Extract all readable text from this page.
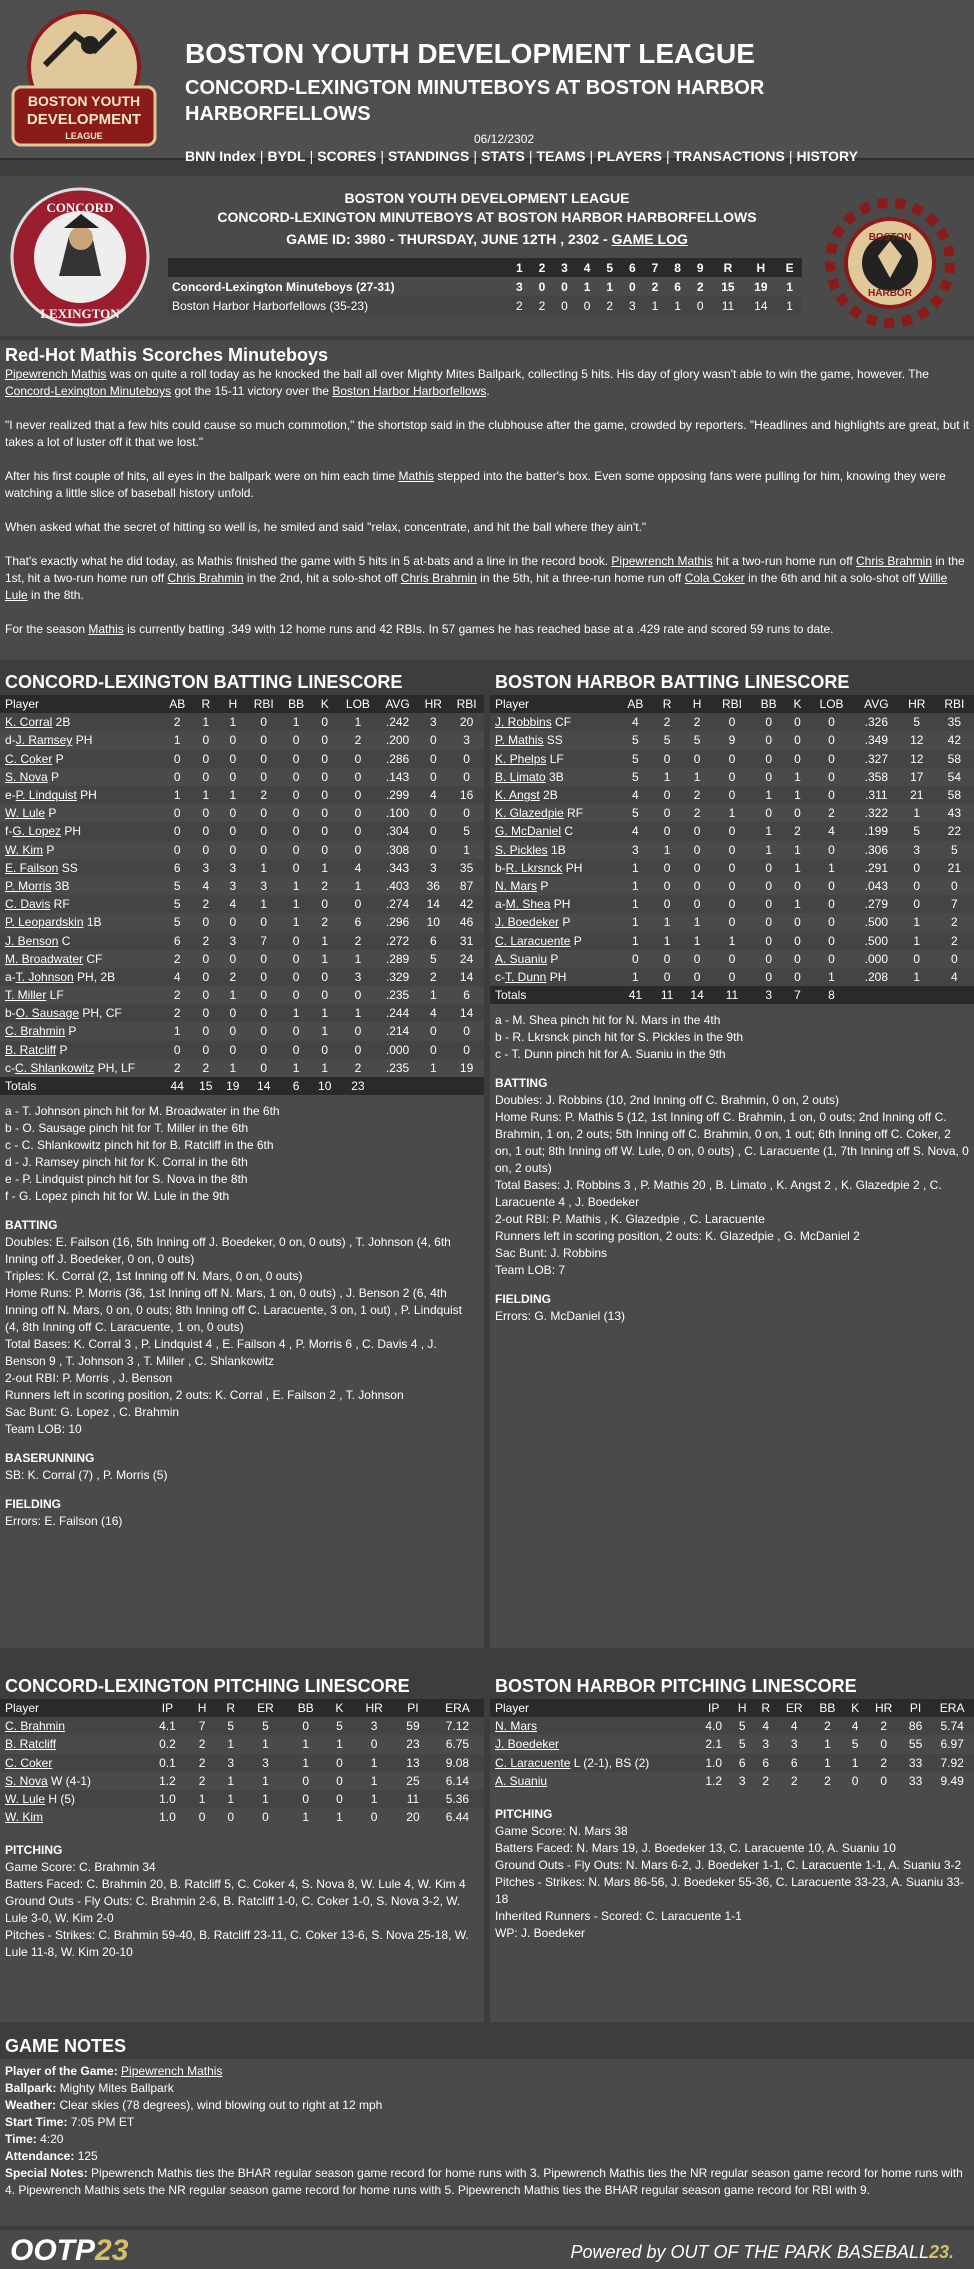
BOSTON YOUTH
DEVELOPMENT
LEAGUE
BOSTON YOUTH DEVELOPMENT LEAGUE
CONCORD-LEXINGTON MINUTEBOYS AT BOSTON HARBOR HARBORFELLOWS
06/12/2302
BNN Index | BYDL | SCORES | STANDINGS | STATS | TEAMS | PLAYERS | TRANSACTIONS | HISTORY
CONCORD
LEXINGTON
BOSTON YOUTH DEVELOPMENT LEAGUE
CONCORD-LEXINGTON MINUTEBOYS AT BOSTON HARBOR HARBORFELLOWS
GAME ID: 3980 - THURSDAY, JUNE 12TH , 2302 - GAME LOG
	1	2	3	4	5	6	7	8	9	R	H	E
Concord-Lexington Minuteboys (27-31)	3	0	0	1	1	0	2	6	2	15	19	1
Boston Harbor Harborfellows (35-23)	2	2	0	0	2	3	1	1	0	11	14	1
BOSTON
HARBOR
Red-Hot Mathis Scorches Minuteboys

Pipewrench Mathis was on quite a roll today as he knocked the ball all over Mighty Mites Ballpark, collecting 5 hits. His day of glory wasn't able to win the game, however. The Concord-Lexington Minuteboys got the 15-11 victory over the Boston Harbor Harborfellows.

"I never realized that a few hits could cause so much commotion," the shortstop said in the clubhouse after the game, crowded by reporters. "Headlines and highlights are great, but it takes a lot of luster off it that we lost."

After his first couple of hits, all eyes in the ballpark were on him each time Mathis stepped into the batter's box. Even some opposing fans were pulling for him, knowing they were watching a little slice of baseball history unfold.

When asked what the secret of hitting so well is, he smiled and said "relax, concentrate, and hit the ball where they ain't."

That's exactly what he did today, as Mathis finished the game with 5 hits in 5 at-bats and a line in the record book. Pipewrench Mathis hit a two-run home run off Chris Brahmin in the 1st, hit a two-run home run off Chris Brahmin in the 2nd, hit a solo-shot off Chris Brahmin in the 5th, hit a three-run home run off Cola Coker in the 6th and hit a solo-shot off Willie Lule in the 8th.

For the season Mathis is currently batting .349 with 12 home runs and 42 RBIs. In 57 games he has reached base at a .429 rate and scored 59 runs to date.

CONCORD-LEXINGTON BATTING LINESCORE
Player	AB	R	H	RBI	BB	K	LOB	AVG	HR	RBI
K. Corral 2B	2	1	1	0	1	0	1	.242	3	20
d-J. Ramsey PH	1	0	0	0	0	0	2	.200	0	3
C. Coker P	0	0	0	0	0	0	0	.286	0	0
S. Nova P	0	0	0	0	0	0	0	.143	0	0
e-P. Lindquist PH	1	1	1	2	0	0	0	.299	4	16
W. Lule P	0	0	0	0	0	0	0	.100	0	0
f-G. Lopez PH	0	0	0	0	0	0	0	.304	0	5
W. Kim P	0	0	0	0	0	0	0	.308	0	1
E. Failson SS	6	3	3	1	0	1	4	.343	3	35
P. Morris 3B	5	4	3	3	1	2	1	.403	36	87
C. Davis RF	5	2	4	1	1	0	0	.274	14	42
P. Leopardskin 1B	5	0	0	0	1	2	6	.296	10	46
J. Benson C	6	2	3	7	0	1	2	.272	6	31
M. Broadwater CF	2	0	0	0	0	1	1	.289	5	24
a-T. Johnson PH, 2B	4	0	2	0	0	0	3	.329	2	14
T. Miller LF	2	0	1	0	0	0	0	.235	1	6
b-O. Sausage PH, CF	2	0	0	0	1	1	1	.244	4	14
C. Brahmin P	1	0	0	0	0	1	0	.214	0	0
B. Ratcliff P	0	0	0	0	0	0	0	.000	0	0
c-C. Shlankowitz PH, LF	2	2	1	0	1	1	2	.235	1	19
Totals	44	15	19	14	6	10	23			
a - T. Johnson pinch hit for M. Broadwater in the 6th
b - O. Sausage pinch hit for T. Miller in the 6th
c - C. Shlankowitz pinch hit for B. Ratcliff in the 6th
d - J. Ramsey pinch hit for K. Corral in the 6th
e - P. Lindquist pinch hit for S. Nova in the 8th
f - G. Lopez pinch hit for W. Lule in the 9th
BATTING
Doubles: E. Failson (16, 5th Inning off J. Boedeker, 0 on, 0 outs) , T. Johnson (4, 6th Inning off J. Boedeker, 0 on, 0 outs)
Triples: K. Corral (2, 1st Inning off N. Mars, 0 on, 0 outs)
Home Runs: P. Morris (36, 1st Inning off N. Mars, 1 on, 0 outs) , J. Benson 2 (6, 4th Inning off N. Mars, 0 on, 0 outs; 8th Inning off C. Laracuente, 3 on, 1 out) , P. Lindquist (4, 8th Inning off C. Laracuente, 1 on, 0 outs)
Total Bases: K. Corral 3 , P. Lindquist 4 , E. Failson 4 , P. Morris 6 , C. Davis 4 , J. Benson 9 , T. Johnson 3 , T. Miller , C. Shlankowitz
2-out RBI: P. Morris , J. Benson
Runners left in scoring position, 2 outs: K. Corral , E. Failson 2 , T. Johnson
Sac Bunt: G. Lopez , C. Brahmin
Team LOB: 10
BASERUNNING
SB: K. Corral (7) , P. Morris (5)
FIELDING
Errors: E. Failson (16)
BOSTON HARBOR BATTING LINESCORE
Player	AB	R	H	RBI	BB	K	LOB	AVG	HR	RBI
J. Robbins CF	4	2	2	0	0	0	0	.326	5	35
P. Mathis SS	5	5	5	9	0	0	0	.349	12	42
K. Phelps LF	5	0	0	0	0	0	0	.327	12	58
B. Limato 3B	5	1	1	0	0	1	0	.358	17	54
K. Angst 2B	4	0	2	0	1	1	0	.311	21	58
K. Glazedpie RF	5	0	2	1	0	0	2	.322	1	43
G. McDaniel C	4	0	0	0	1	2	4	.199	5	22
S. Pickles 1B	3	1	0	0	1	1	0	.306	3	5
b-R. Lkrsnck PH	1	0	0	0	0	1	1	.291	0	21
N. Mars P	1	0	0	0	0	0	0	.043	0	0
a-M. Shea PH	1	0	0	0	0	1	0	.279	0	7
J. Boedeker P	1	1	1	0	0	0	0	.500	1	2
C. Laracuente P	1	1	1	1	0	0	0	.500	1	2
A. Suaniu P	0	0	0	0	0	0	0	.000	0	0
c-T. Dunn PH	1	0	0	0	0	0	1	.208	1	4
Totals	41	11	14	11	3	7	8			
a - M. Shea pinch hit for N. Mars in the 4th
b - R. Lkrsnck pinch hit for S. Pickles in the 9th
c - T. Dunn pinch hit for A. Suaniu in the 9th
BATTING
Doubles: J. Robbins (10, 2nd Inning off C. Brahmin, 0 on, 2 outs)
Home Runs: P. Mathis 5 (12, 1st Inning off C. Brahmin, 1 on, 0 outs; 2nd Inning off C. Brahmin, 1 on, 2 outs; 5th Inning off C. Brahmin, 0 on, 1 out; 6th Inning off C. Coker, 2 on, 1 out; 8th Inning off W. Lule, 0 on, 0 outs) , C. Laracuente (1, 7th Inning off S. Nova, 0 on, 2 outs)
Total Bases: J. Robbins 3 , P. Mathis 20 , B. Limato , K. Angst 2 , K. Glazedpie 2 , C. Laracuente 4 , J. Boedeker
2-out RBI: P. Mathis , K. Glazedpie , C. Laracuente
Runners left in scoring position, 2 outs: K. Glazedpie , G. McDaniel 2
Sac Bunt: J. Robbins
Team LOB: 7
FIELDING
Errors: G. McDaniel (13)
CONCORD-LEXINGTON PITCHING LINESCORE
Player	IP	H	R	ER	BB	K	HR	PI	ERA
C. Brahmin	4.1	7	5	5	0	5	3	59	7.12
B. Ratcliff	0.2	2	1	1	1	1	0	23	6.75
C. Coker	0.1	2	3	3	1	0	1	13	9.08
S. Nova W (4-1)	1.2	2	1	1	0	0	1	25	6.14
W. Lule H (5)	1.0	1	1	1	0	0	1	11	5.36
W. Kim	1.0	0	0	0	1	1	0	20	6.44
PITCHING
Game Score: C. Brahmin 34
Batters Faced: C. Brahmin 20, B. Ratcliff 5, C. Coker 4, S. Nova 8, W. Lule 4, W. Kim 4
Ground Outs - Fly Outs: C. Brahmin 2-6, B. Ratcliff 1-0, C. Coker 1-0, S. Nova 3-2, W. Lule 3-0, W. Kim 2-0
Pitches - Strikes: C. Brahmin 59-40, B. Ratcliff 23-11, C. Coker 13-6, S. Nova 25-18, W. Lule 11-8, W. Kim 20-10
BOSTON HARBOR PITCHING LINESCORE
Player	IP	H	R	ER	BB	K	HR	PI	ERA
N. Mars	4.0	5	4	4	2	4	2	86	5.74
J. Boedeker	2.1	5	3	3	1	5	0	55	6.97
C. Laracuente L (2-1), BS (2)	1.0	6	6	6	1	1	2	33	7.92
A. Suaniu	1.2	3	2	2	2	0	0	33	9.49
PITCHING
Game Score: N. Mars 38
Batters Faced: N. Mars 19, J. Boedeker 13, C. Laracuente 10, A. Suaniu 10
Ground Outs - Fly Outs: N. Mars 6-2, J. Boedeker 1-1, C. Laracuente 1-1, A. Suaniu 3-2
Pitches - Strikes: N. Mars 86-56, J. Boedeker 55-36, C. Laracuente 33-23, A. Suaniu 33-18
Inherited Runners - Scored: C. Laracuente 1-1
WP: J. Boedeker
GAME NOTES
Player of the Game: Pipewrench Mathis
Ballpark: Mighty Mites Ballpark
Weather: Clear skies (78 degrees), wind blowing out to right at 12 mph
Start Time: 7:05 PM ET
Time: 4:20
Attendance: 125
Special Notes: Pipewrench Mathis ties the BHAR regular season game record for home runs with 3. Pipewrench Mathis ties the NR regular season game record for home runs with 4. Pipewrench Mathis sets the NR regular season game record for home runs with 5. Pipewrench Mathis ties the BHAR regular season game record for RBI with 9.
OOTP23	Powered by OUT OF THE PARK BASEBALL23.
